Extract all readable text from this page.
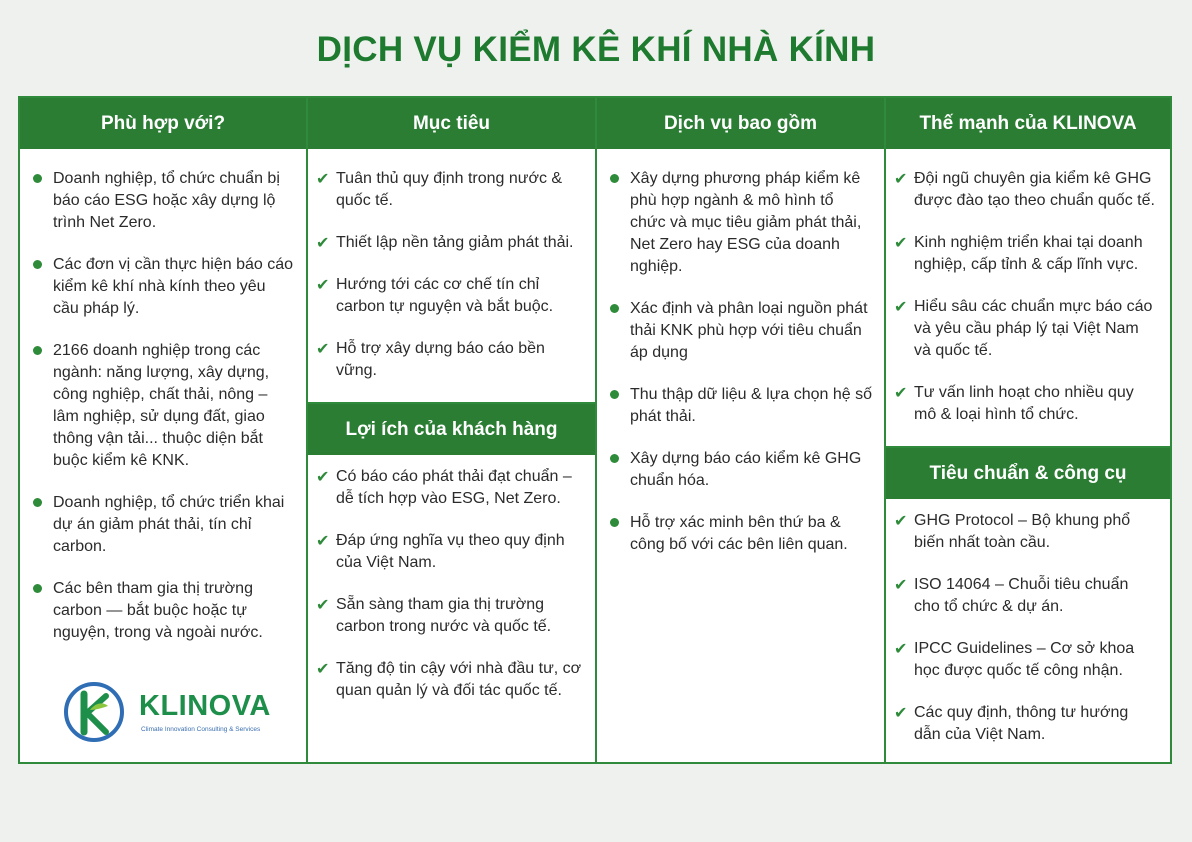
DỊCH VỤ KIỂM KÊ KHÍ NHÀ KÍNH
Phù hợp với?
Doanh nghiệp, tổ chức chuẩn bị báo cáo ESG hoặc xây dựng lộ trình Net Zero.
Các đơn vị cần thực hiện báo cáo kiểm kê khí nhà kính theo yêu cầu pháp lý.
2166 doanh nghiệp trong các ngành: năng lượng, xây dựng, công nghiệp, chất thải, nông – lâm nghiệp, sử dụng đất, giao thông vận tải... thuộc diện bắt buộc kiểm kê KNK.
Doanh nghiệp, tổ chức triển khai dự án giảm phát thải, tín chỉ carbon.
Các bên tham gia thị trường carbon — bắt buộc hoặc tự nguyện, trong và ngoài nước.
Mục tiêu
✔ Tuân thủ quy định trong nước & quốc tế.
✔ Thiết lập nền tảng giảm phát thải.
✔ Hướng tới các cơ chế tín chỉ carbon tự nguyện và bắt buộc.
✔ Hỗ trợ xây dựng báo cáo bền vững.
Lợi ích của khách hàng
✔ Có báo cáo phát thải đạt chuẩn – dễ tích hợp vào ESG, Net Zero.
✔ Đáp ứng nghĩa vụ theo quy định của Việt Nam.
✔ Sẵn sàng tham gia thị trường carbon trong nước và quốc tế.
✔ Tăng độ tin cậy với nhà đầu tư, cơ quan quản lý và đối tác quốc tế.
Dịch vụ bao gồm
Xây dựng phương pháp kiểm kê phù hợp ngành & mô hình tổ chức và mục tiêu giảm phát thải, Net Zero hay ESG của doanh nghiệp.
Xác định và phân loại nguồn phát thải KNK phù hợp với tiêu chuẩn áp dụng
Thu thập dữ liệu & lựa chọn hệ số phát thải.
Xây dựng báo cáo kiểm kê GHG chuẩn hóa.
Hỗ trợ xác minh bên thứ ba & công bố với các bên liên quan.
Thế mạnh của KLINOVA
✔ Đội ngũ chuyên gia kiểm kê GHG được đào tạo theo chuẩn quốc tế.
✔ Kinh nghiệm triển khai tại doanh nghiệp, cấp tỉnh & cấp lĩnh vực.
✔ Hiểu sâu các chuẩn mực báo cáo và yêu cầu pháp lý tại Việt Nam và quốc tế.
✔ Tư vấn linh hoạt cho nhiều quy mô & loại hình tổ chức.
Tiêu chuẩn & công cụ
✔ GHG Protocol – Bộ khung phổ biến nhất toàn cầu.
✔ ISO 14064 – Chuỗi tiêu chuẩn cho tổ chức & dự án.
✔ IPCC Guidelines – Cơ sở khoa học được quốc tế công nhận.
✔ Các quy định, thông tư hướng dẫn của Việt Nam.
KLINOVA
Climate Innovation Consulting & Services
